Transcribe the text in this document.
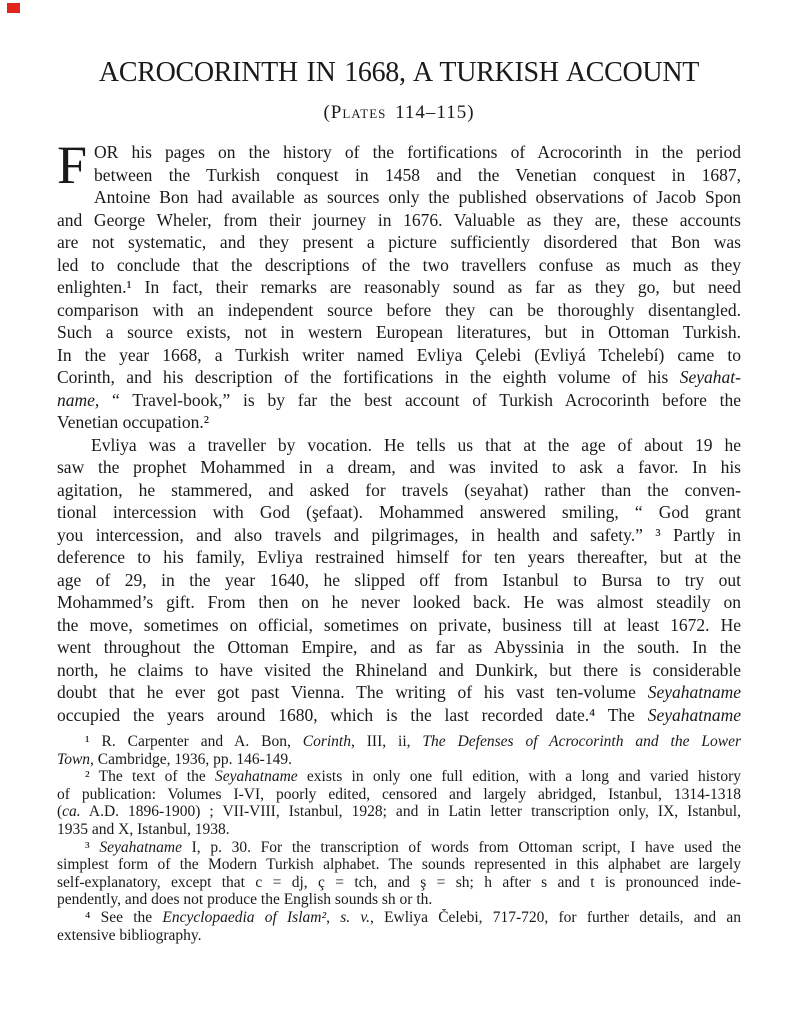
ACROCORINTH IN 1668, A TURKISH ACCOUNT
(Plates 114–115)
F OR his pages on the history of the fortifications of Acrocorinth in the period
between the Turkish conquest in 1458 and the Venetian conquest in 1687,
Antoine Bon had available as sources only the published observations of Jacob Spon
and George Wheler, from their journey in 1676. Valuable as they are, these accounts
are not systematic, and they present a picture sufficiently disordered that Bon was
led to conclude that the descriptions of the two travellers confuse as much as they
enlighten.¹ In fact, their remarks are reasonably sound as far as they go, but need
comparison with an independent source before they can be thoroughly disentangled.
Such a source exists, not in western European literatures, but in Ottoman Turkish.
In the year 1668, a Turkish writer named Evliya Çelebi (Evliyá Tchelebí) came to
Corinth, and his description of the fortifications in the eighth volume of his Seyahat-
name, “ Travel-book,” is by far the best account of Turkish Acrocorinth before the
Venetian occupation.²
Evliya was a traveller by vocation. He tells us that at the age of about 19 he
saw the prophet Mohammed in a dream, and was invited to ask a favor. In his
agitation, he stammered, and asked for travels (seyahat) rather than the conven-
tional intercession with God (şefaat). Mohammed answered smiling, “ God grant
you intercession, and also travels and pilgrimages, in health and safety.” ³ Partly in
deference to his family, Evliya restrained himself for ten years thereafter, but at the
age of 29, in the year 1640, he slipped off from Istanbul to Bursa to try out
Mohammed’s gift. From then on he never looked back. He was almost steadily on
the move, sometimes on official, sometimes on private, business till at least 1672. He
went throughout the Ottoman Empire, and as far as Abyssinia in the south. In the
north, he claims to have visited the Rhineland and Dunkirk, but there is considerable
doubt that he ever got past Vienna. The writing of his vast ten-volume Seyahatname
occupied the years around 1680, which is the last recorded date.⁴ The Seyahatname
¹ R. Carpenter and A. Bon, Corinth, III, ii, The Defenses of Acrocorinth and the Lower
Town, Cambridge, 1936, pp. 146-149.
² The text of the Seyahatname exists in only one full edition, with a long and varied history
of publication: Volumes I-VI, poorly edited, censored and largely abridged, Istanbul, 1314-1318
(ca. A.D. 1896-1900) ; VII-VIII, Istanbul, 1928; and in Latin letter transcription only, IX, Istanbul,
1935 and X, Istanbul, 1938.
³ Seyahatname I, p. 30. For the transcription of words from Ottoman script, I have used the
simplest form of the Modern Turkish alphabet. The sounds represented in this alphabet are largely
self-explanatory, except that c = dj, ç = tch, and ş = sh; h after s and t is pronounced inde-
pendently, and does not produce the English sounds sh or th.
⁴ See the Encyclopaedia of Islam², s. v., Ewliya Čelebi, 717-720, for further details, and an
extensive bibliography.
